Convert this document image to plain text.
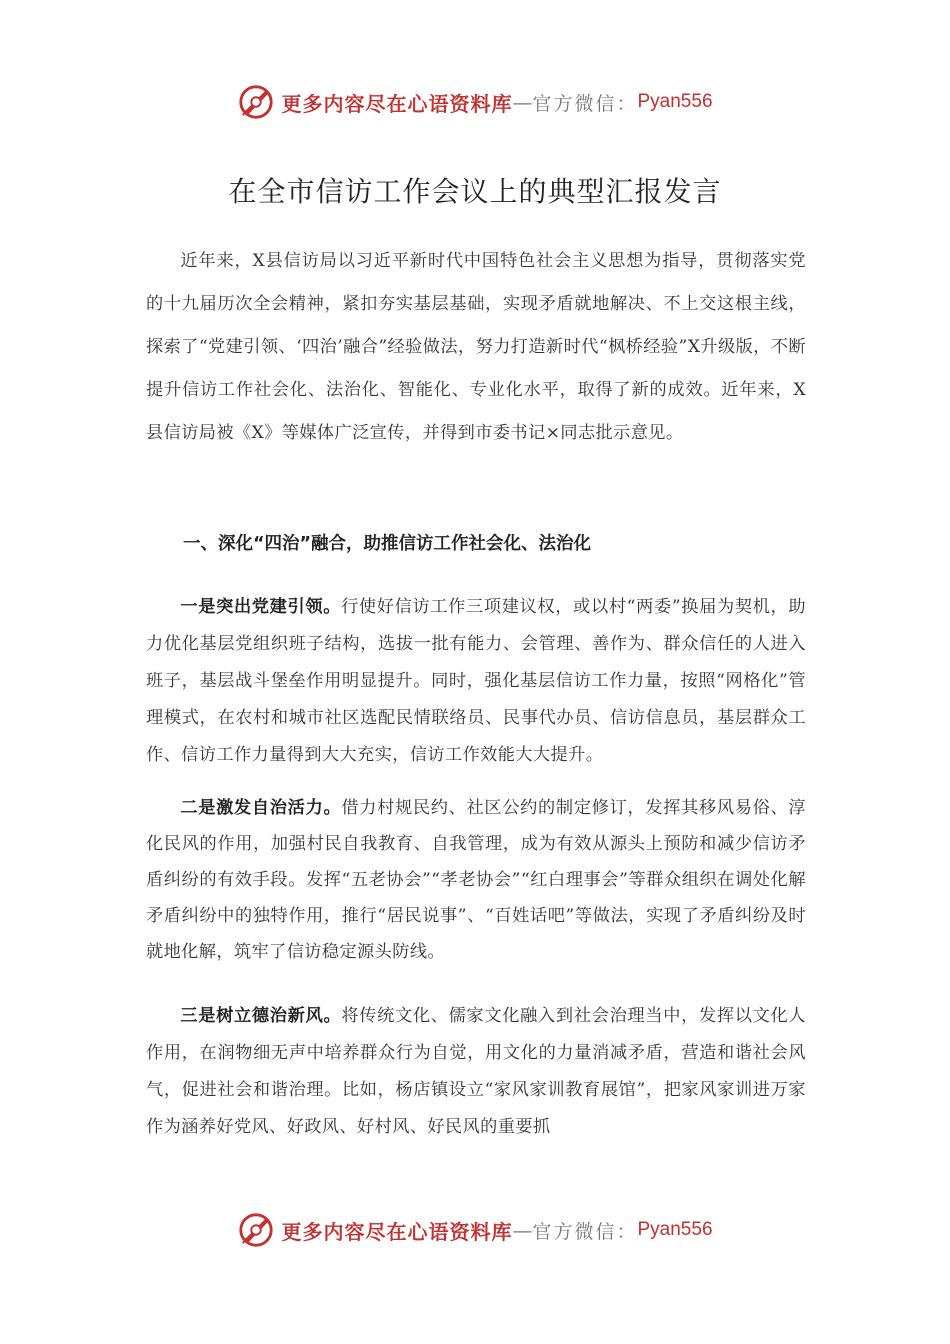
更多内容尽在心语资料库 — 官方微信： Pyan556
在全市信访工作会议上的典型汇报发言

近年来，X县信访局以习近平新时代中国特色社会主义思想为指导，贯彻落实党的十九届历次全会精神，紧扣夯实基层基础，实现矛盾就地解决、不上交这根主线，探索了“党建引领、‘四治’融合”经验做法，努力打造新时代“枫桥经验”X升级版，不断提升信访工作社会化、法治化、智能化、专业化水平，取得了新的成效。近年来，X县信访局被《X》等媒体广泛宣传，并得到市委书记×同志批示意见。

一、深化“四治”融合，助推信访工作社会化、法治化

一是突出党建引领。行使好信访工作三项建议权，或以村“两委”换届为契机，助力优化基层党组织班子结构，选拔一批有能力、会管理、善作为、群众信任的人进入班子，基层战斗堡垒作用明显提升。同时，强化基层信访工作力量，按照“网格化”管理模式，在农村和城市社区选配民情联络员、民事代办员、信访信息员，基层群众工作、信访工作力量得到大大充实，信访工作效能大大提升。

二是激发自治活力。借力村规民约、社区公约的制定修订，发挥其移风易俗、淳化民风的作用，加强村民自我教育、自我管理，成为有效从源头上预防和减少信访矛盾纠纷的有效手段。发挥“五老协会”“孝老协会”“红白理事会”等群众组织在调处化解矛盾纠纷中的独特作用，推行“居民说事”、“百姓话吧”等做法，实现了矛盾纠纷及时就地化解，筑牢了信访稳定源头防线。

三是树立德治新风。将传统文化、儒家文化融入到社会治理当中，发挥以文化人作用，在润物细无声中培养群众行为自觉，用文化的力量消减矛盾，营造和谐社会风气，促进社会和谐治理。比如，杨店镇设立“家风家训教育展馆”，把家风家训进万家作为涵养好党风、好政风、好村风、好民风的重要抓

更多内容尽在心语资料库 — 官方微信： Pyan556
